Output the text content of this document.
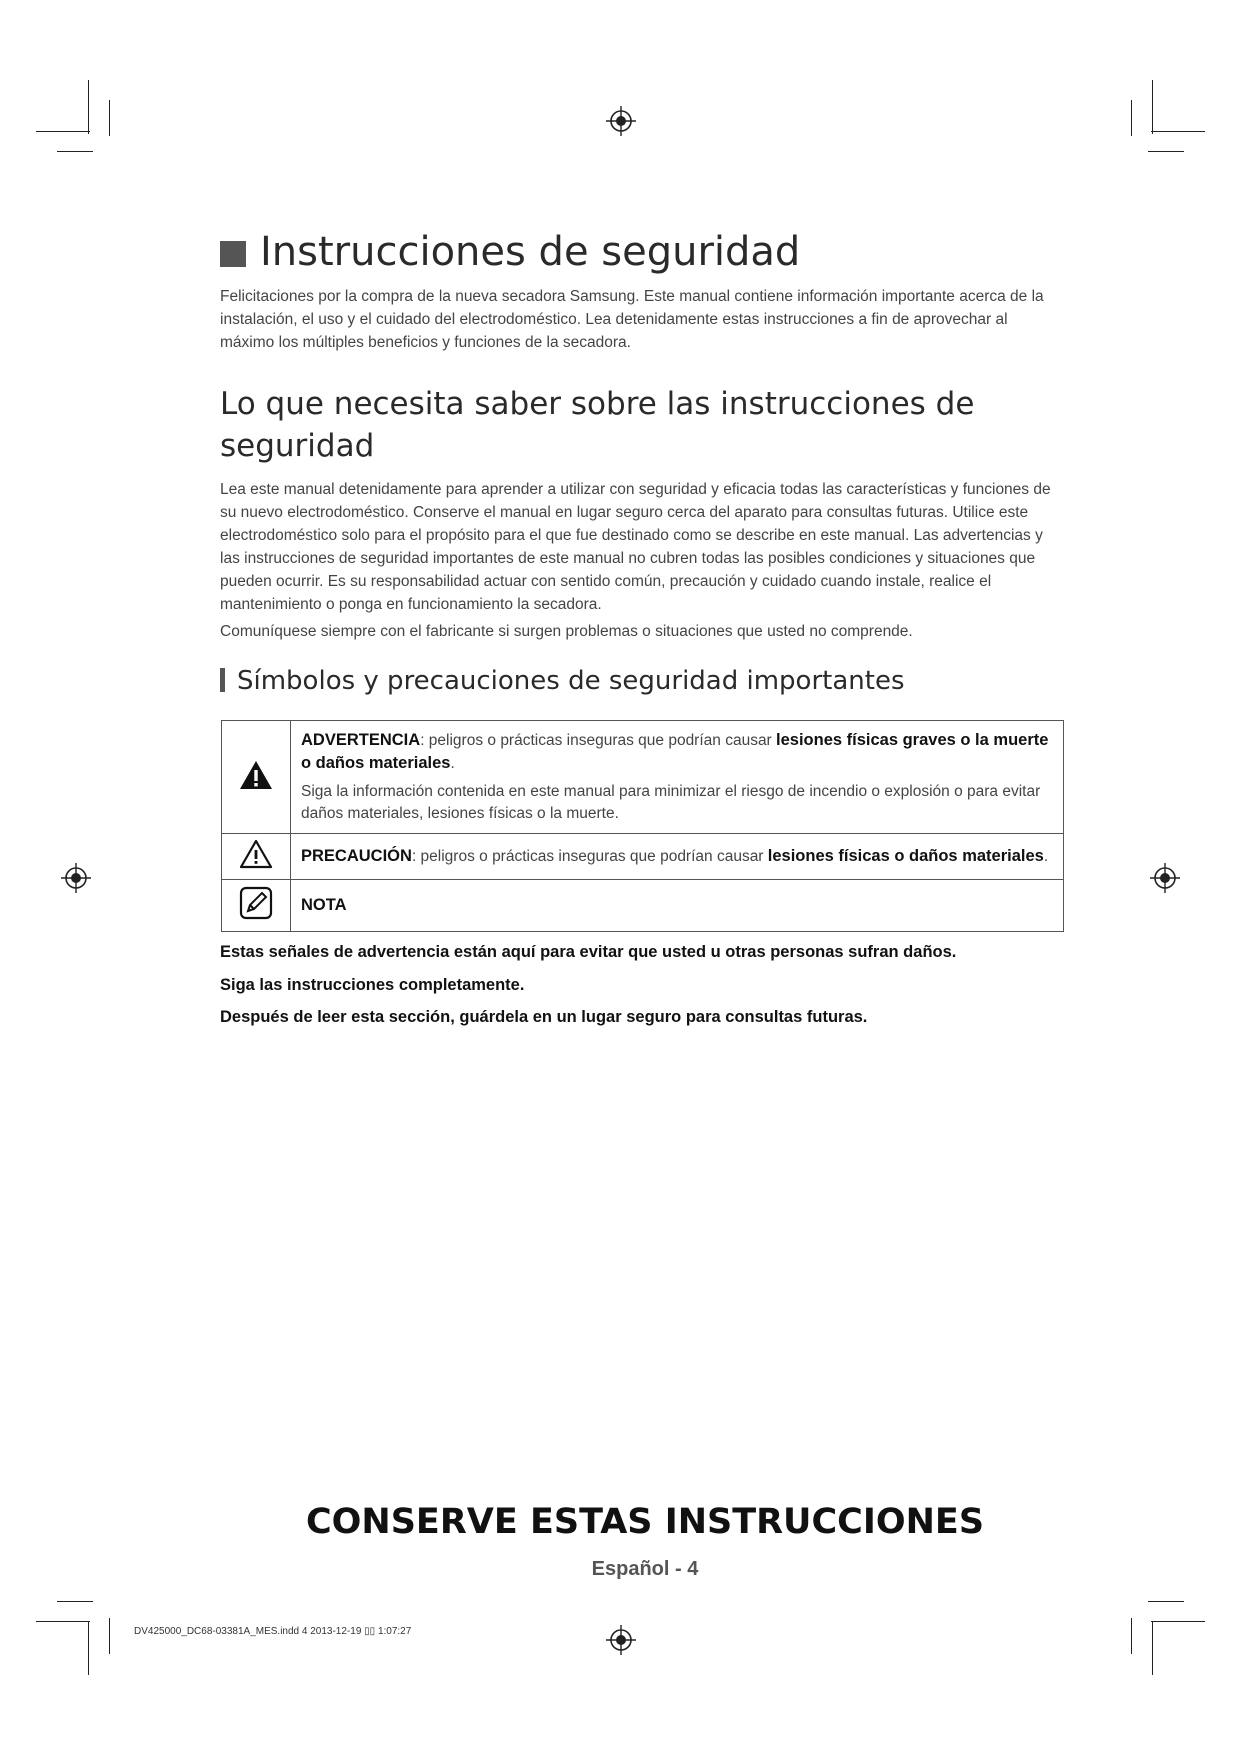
Instrucciones de seguridad
Felicitaciones por la compra de la nueva secadora Samsung. Este manual contiene información importante acerca de la instalación, el uso y el cuidado del electrodoméstico. Lea detenidamente estas instrucciones a fin de aprovechar al máximo los múltiples beneficios y funciones de la secadora.
Lo que necesita saber sobre las instrucciones de seguridad

Lea este manual detenidamente para aprender a utilizar con seguridad y eficacia todas las características y funciones de su nuevo electrodoméstico. Conserve el manual en lugar seguro cerca del aparato para consultas futuras. Utilice este electrodoméstico solo para el propósito para el que fue destinado como se describe en este manual. Las advertencias y las instrucciones de seguridad importantes de este manual no cubren todas las posibles condiciones y situaciones que pueden ocurrir. Es su responsabilidad actuar con sentido común, precaución y cuidado cuando instale, realice el mantenimiento o ponga en funcionamiento la secadora.

Comuníquese siempre con el fabricante si surgen problemas o situaciones que usted no comprende.

Símbolos y precauciones de seguridad importantes

ADVERTENCIA: peligros o prácticas inseguras que podrían causar lesiones físicas graves o la muerte o daños materiales.
Siga la información contenida en este manual para minimizar el riesgo de incendio o explosión o para evitar daños materiales, lesiones físicas o la muerte.

PRECAUCIÓN: peligros o prácticas inseguras que podrían causar lesiones físicas o daños materiales.

	NOTA
Estas señales de advertencia están aquí para evitar que usted u otras personas sufran daños.
Siga las instrucciones completamente.
Después de leer esta sección, guárdela en un lugar seguro para consultas futuras.
CONSERVE ESTAS INSTRUCCIONES
Español - 4
DV425000_DC68-03381A_MES.indd 4 2013-12-19 ▯▯ 1:07:27
